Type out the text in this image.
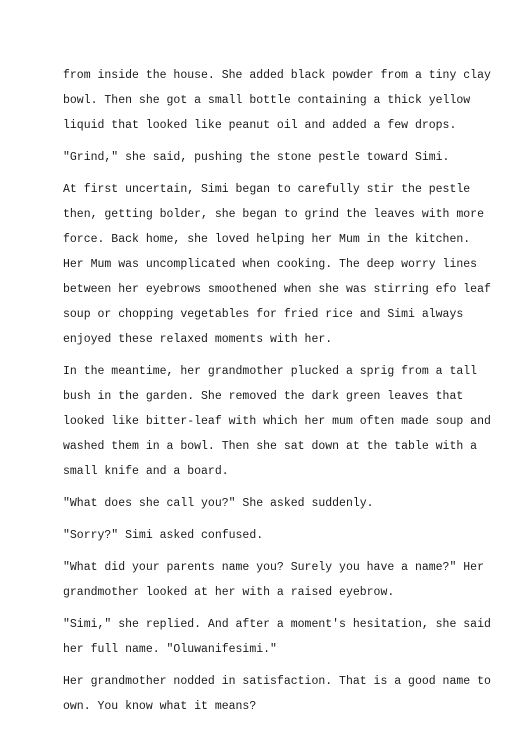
from inside the house. She added black powder from a tiny clay
bowl. Then she got a small bottle containing a thick yellow
liquid that looked like peanut oil and added a few drops.

"Grind," she said, pushing the stone pestle toward Simi.

At first uncertain, Simi began to carefully stir the pestle
then, getting bolder, she began to grind the leaves with more
force. Back home, she loved helping her Mum in the kitchen.
Her Mum was uncomplicated when cooking. The deep worry lines
between her eyebrows smoothened when she was stirring efo leaf
soup or chopping vegetables for fried rice and Simi always
enjoyed these relaxed moments with her.

In the meantime, her grandmother plucked a sprig from a tall
bush in the garden. She removed the dark green leaves that
looked like bitter-leaf with which her mum often made soup and
washed them in a bowl. Then she sat down at the table with a
small knife and a board.

"What does she call you?" She asked suddenly.

"Sorry?" Simi asked confused.

"What did your parents name you? Surely you have a name?" Her
grandmother looked at her with a raised eyebrow.

"Simi," she replied. And after a moment's hesitation, she said
her full name. "Oluwanifesimi."

Her grandmother nodded in satisfaction. That is a good name to
own. You know what it means?
